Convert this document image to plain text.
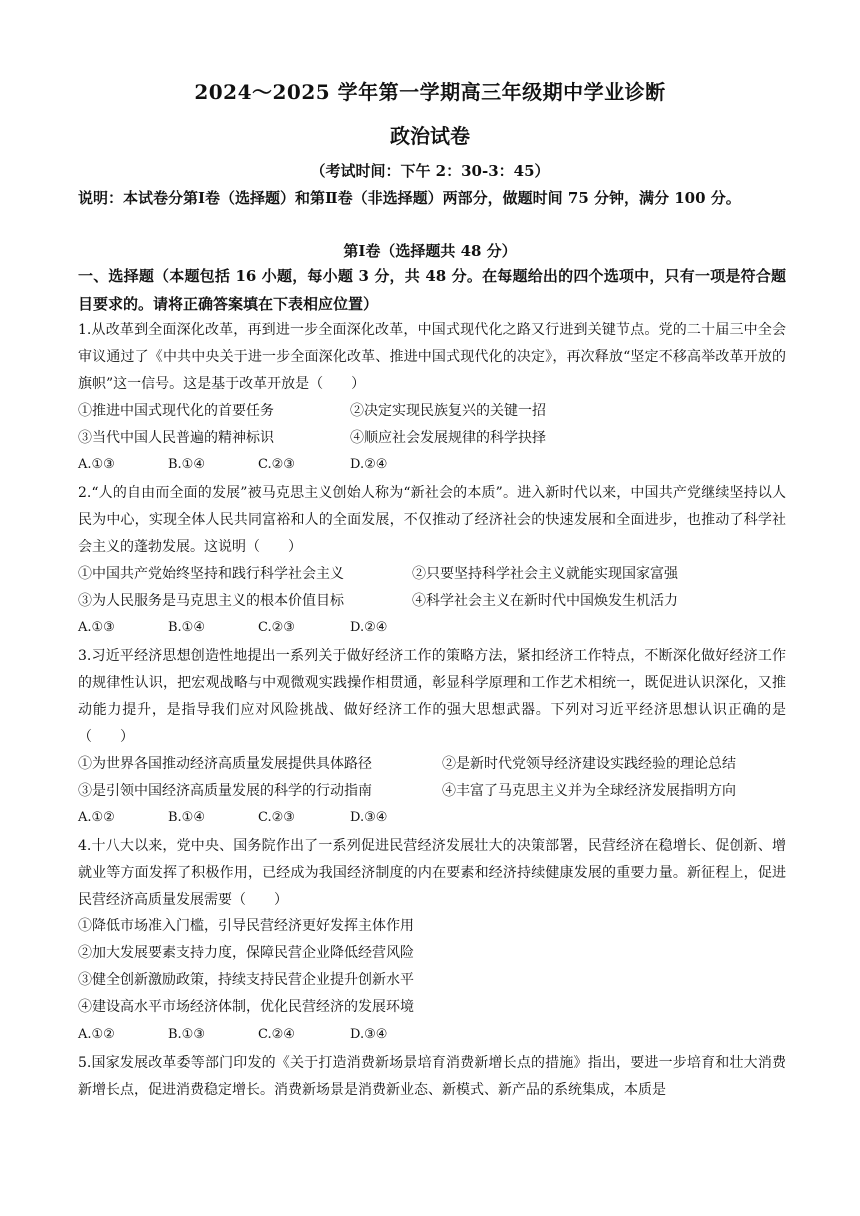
2024～2025 学年第一学期高三年级期中学业诊断
政治试卷
（考试时间：下午 2：30-3：45）
说明：本试卷分第Ⅰ卷（选择题）和第Ⅱ卷（非选择题）两部分，做题时间 75 分钟，满分 100 分。
第Ⅰ卷（选择题共 48 分）
一、选择题（本题包括 16 小题，每小题 3 分，共 48 分。在每题给出的四个选项中，只有一项是符合题目要求的。请将正确答案填在下表相应位置）
1.从改革到全面深化改革，再到进一步全面深化改革，中国式现代化之路又行进到关键节点。党的二十届三中全会审议通过了《中共中央关于进一步全面深化改革、推进中国式现代化的决定》，再次释放“坚定不移高举改革开放的旗帜”这一信号。这是基于改革开放是（　　）
①推进中国式现代化的首要任务	②决定实现民族复兴的关键一招
③当代中国人民普遍的精神标识	④顺应社会发展规律的科学抉择
A.①③	B.①④	C.②③	D.②④
2.“人的自由而全面的发展”被马克思主义创始人称为“新社会的本质”。进入新时代以来，中国共产党继续坚持以人民为中心，实现全体人民共同富裕和人的全面发展，不仅推动了经济社会的快速发展和全面进步，也推动了科学社会主义的蓬勃发展。这说明（　　）
①中国共产党始终坚持和践行科学社会主义	②只要坚持科学社会主义就能实现国家富强
③为人民服务是马克思主义的根本价值目标	④科学社会主义在新时代中国焕发生机活力
A.①③	B.①④	C.②③	D.②④
3.习近平经济思想创造性地提出一系列关于做好经济工作的策略方法，紧扣经济工作特点，不断深化做好经济工作的规律性认识，把宏观战略与中观微观实践操作相贯通，彰显科学原理和工作艺术相统一，既促进认识深化，又推动能力提升，是指导我们应对风险挑战、做好经济工作的强大思想武器。下列对习近平经济思想认识正确的是（　　）
①为世界各国推动经济高质量发展提供具体路径	②是新时代党领导经济建设实践经验的理论总结
③是引领中国经济高质量发展的科学的行动指南	④丰富了马克思主义并为全球经济发展指明方向
A.①②	B.①④	C.②③	D.③④
4.十八大以来，党中央、国务院作出了一系列促进民营经济发展壮大的决策部署，民营经济在稳增长、促创新、增就业等方面发挥了积极作用，已经成为我国经济制度的内在要素和经济持续健康发展的重要力量。新征程上，促进民营经济高质量发展需要（　　）
①降低市场准入门槛，引导民营经济更好发挥主体作用
②加大发展要素支持力度，保障民营企业降低经营风险
③健全创新激励政策，持续支持民营企业提升创新水平
④建设高水平市场经济体制，优化民营经济的发展环境
A.①②	B.①③	C.②④	D.③④
5.国家发展改革委等部门印发的《关于打造消费新场景培育消费新增长点的措施》指出，要进一步培育和壮大消费新增长点，促进消费稳定增长。消费新场景是消费新业态、新模式、新产品的系统集成，本质是
